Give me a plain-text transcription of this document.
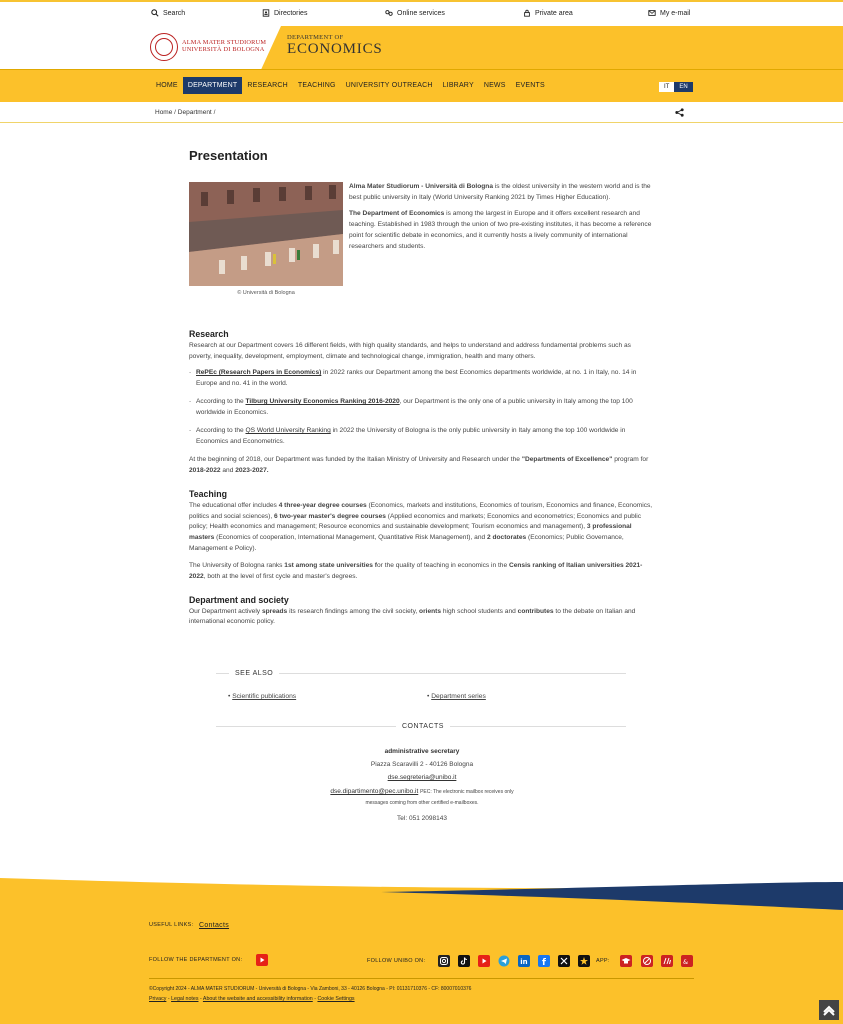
Search	Directories	Online services	Private area	My e-mail
ALMA MATER STUDIORUM
UNIVERSITÀ DI BOLOGNA
DEPARTMENT OF
ECONOMICS
HOME	DEPARTMENT	RESEARCH	TEACHING	UNIVERSITY OUTREACH	LIBRARY	NEWS	EVENTS	IT	EN
Home / Department /
Presentation
© Università di Bologna

Alma Mater Studiorum - Università di Bologna is the oldest university in the western world and is the best public university in Italy (World University Ranking 2021 by Times Higher Education).

The Department of Economics is among the largest in Europe and it offers excellent research and teaching. Established in 1983 through the union of two pre-existing institutes, it has become a reference point for scientific debate in economics, and it currently hosts a lively community of international researchers and students.

Research

Research at our Department covers 16 different fields, with high quality standards, and helps to understand and address fundamental problems such as poverty, inequality, development, employment, climate and technological change, immigration, health and many others.

- RePEc (Research Papers in Economics) in 2022 ranks our Department among the best Economics departments worldwide, at no. 1 in Italy, no. 14 in Europe and no. 41 in the world.
- According to the Tilburg University Economics Ranking 2016-2020, our Department is the only one of a public university in Italy among the top 100 worldwide in Economics.
- According to the QS World University Ranking in 2022 the University of Bologna is the only public university in Italy among the top 100 worldwide in Economics and Econometrics.

At the beginning of 2018, our Department was funded by the Italian Ministry of University and Research under the "Departments of Excellence" program for 2018-2022 and 2023-2027.

Teaching

The educational offer includes 4 three-year degree courses (Economics, markets and institutions, Economics of tourism, Economics and finance, Economics, politics and social sciences), 6 two-year master's degree courses (Applied economics and markets; Economics and econometrics; Economics and public policy; Health economics and management; Resource economics and sustainable development; Tourism economics and management), 3 professional masters (Economics of cooperation, International Management, Quantitative Risk Management), and 2 doctorates (Economics; Public Governance, Management e Policy).

The University of Bologna ranks 1st among state universities for the quality of teaching in economics in the Censis ranking of Italian universities 2021-2022, both at the level of first cycle and master's degrees.

Department and society

Our Department actively spreads its research findings among the civil society, orients high school students and contributes to the debate on Italian and international economic policy.

SEE ALSO
• Scientific publications	• Department series
CONTACTS
administrative secretary
Piazza Scaravilli 2 - 40126 Bologna
dse.segreteria@unibo.it
dse.dipartimento@pec.unibo.it PEC: The electronic mailbox receives only messages coming from other certified e-mailboxes.
Tel: 051 2098143
USEFUL LINKS: Contacts
FOLLOW THE DEPARTMENT ON:	FOLLOW UNIBO ON:	in f	APP:	&
©Copyright 2024 - ALMA MATER STUDIORUM - Università di Bologna - Via Zamboni, 33 - 40126 Bologna - PI: 01131710376 - CF: 80007010376
Privacy - Legal notes - About the website and accessibility information - Cookie Settings
